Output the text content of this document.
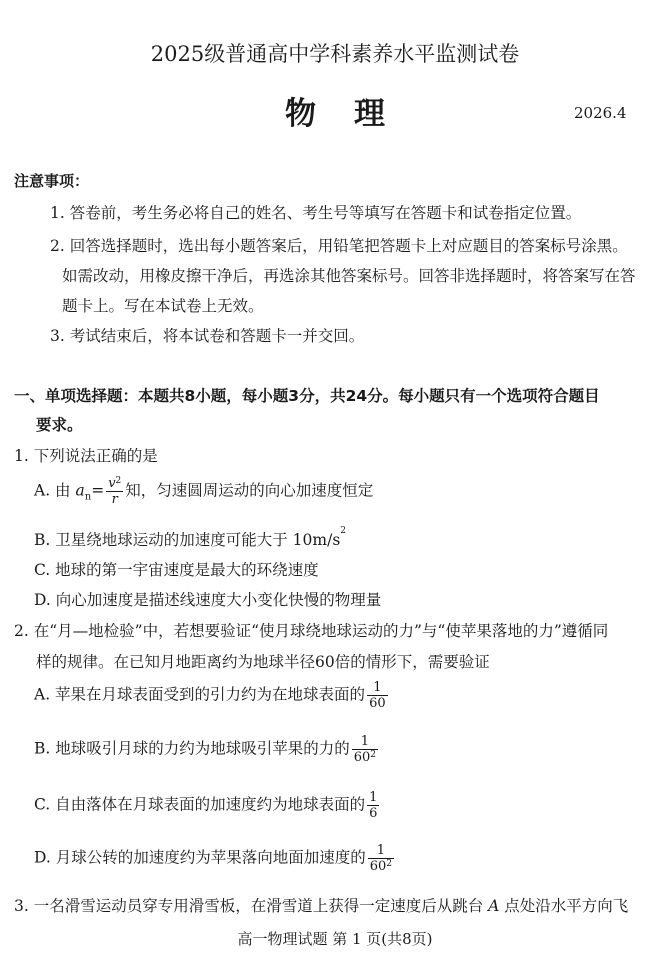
2025级普通高中学科素养水平监测试卷
物理	2026.4
注意事项：
1. 答卷前，考生务必将自己的姓名、考生号等填写在答题卡和试卷指定位置。
2. 回答选择题时，选出每小题答案后，用铅笔把答题卡上对应题目的答案标号涂黑。
如需改动，用橡皮擦干净后，再选涂其他答案标号。回答非选择题时，将答案写在答
题卡上。写在本试卷上无效。
3. 考试结束后，将本试卷和答题卡一并交回。
一、单项选择题：本题共8小题，每小题3分，共24分。每小题只有一个选项符合题目
要求。
1. 下列说法正确的是
A. 由 $a_n= \frac{v^2}{r}$ 知，匀速圆周运动的向心加速度恒定
B. 卫星绕地球运动的加速度可能大于 $10m/s^2$
C. 地球的第一宇宙速度是最大的环绕速度
D. 向心加速度是描述线速度大小变化快慢的物理量
2. 在“月—地检验”中，若想要验证“使月球绕地球运动的力”与“使苹果落地的力”遵循同
样的规律。在已知月地距离约为地球半径60倍的情形下，需要验证
A. 苹果在月球表面受到的引力约为在地球表面的 $\frac{1}{60}$
B. 地球吸引月球的力约为地球吸引苹果的力的 $\frac{1}{60^2}$
C. 自由落体在月球表面的加速度约为地球表面的 $\frac{1}{6}$
D. 月球公转的加速度约为苹果落向地面加速度的 $\frac{1}{60^2}$
3. 一名滑雪运动员穿专用滑雪板，在滑雪道上获得一定速度后从跳台 A 点处沿水平方向飞
高一物理试题 第 1 页(共8页)
